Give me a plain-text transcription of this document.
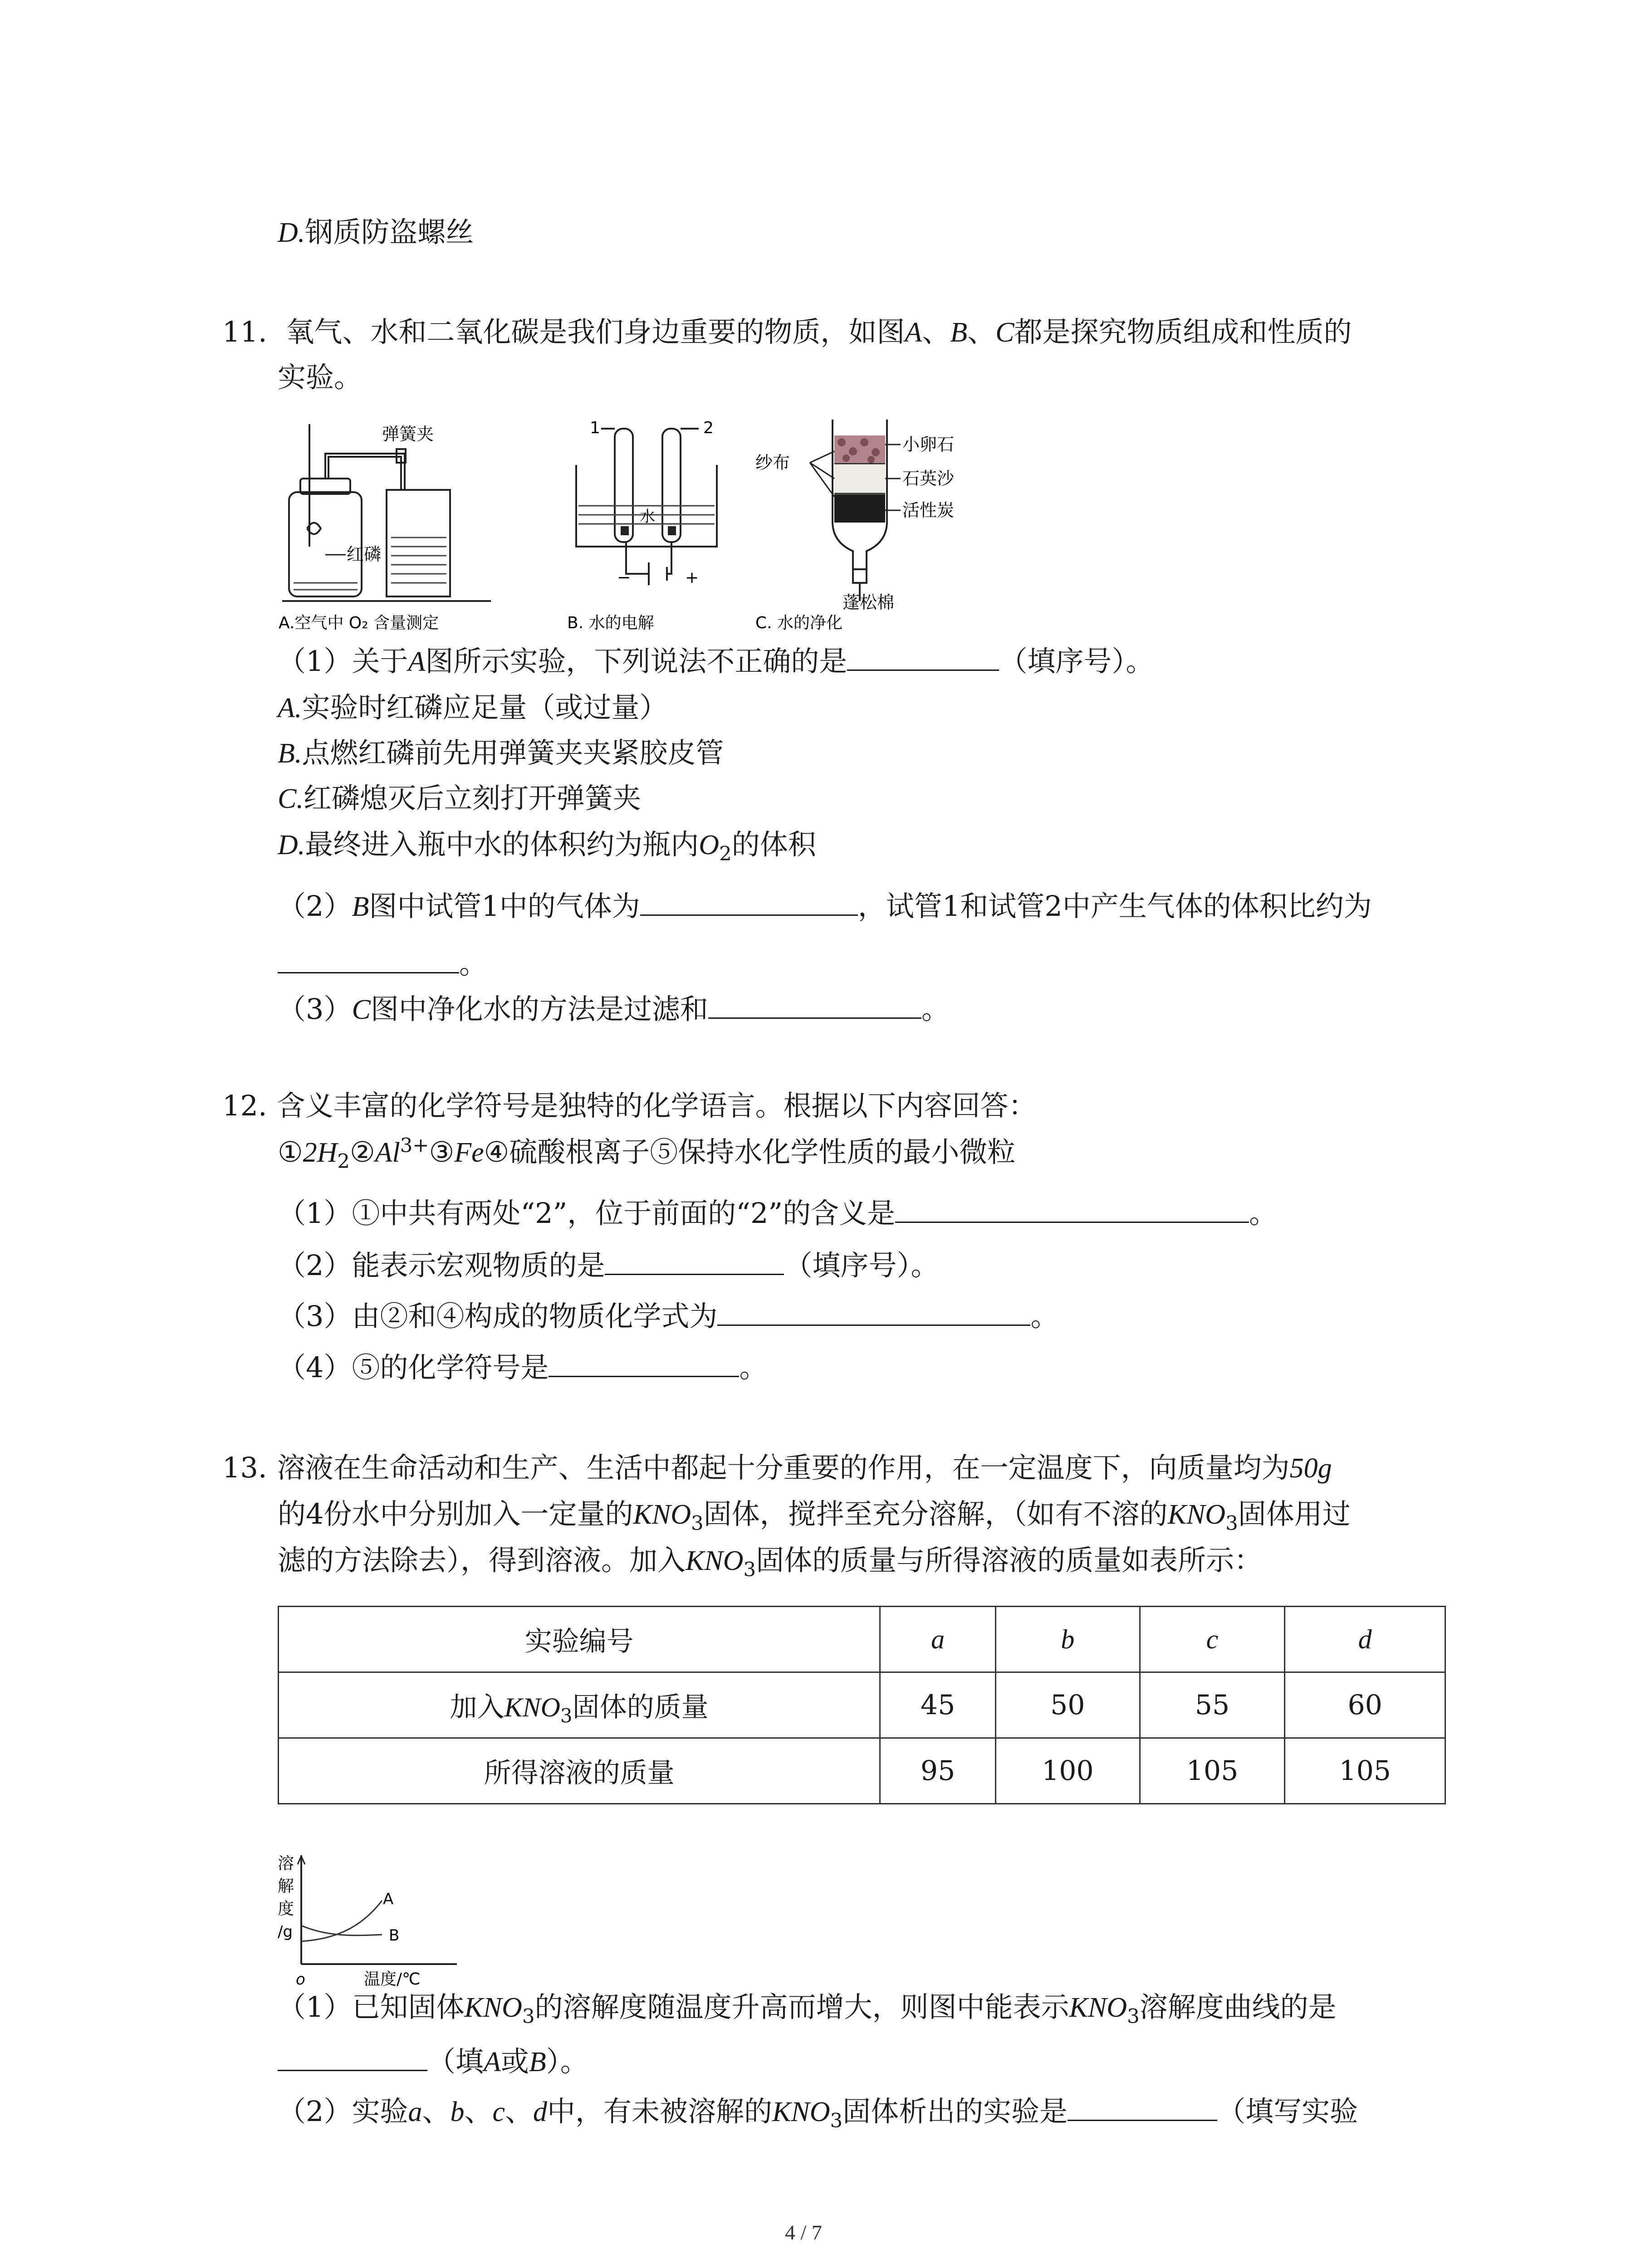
D.钢质防盗螺丝
11. 氧气、水和二氧化碳是我们身边重要的物质，如图A、B、C都是探究物质组成和性质的
实验。
弹簧夹
红磷
A.空气中 O₂ 含量测定
1	2
水
−	+
B. 水的电解
小卵石
石英沙
活性炭
纱布
蓬松棉
C. 水的净化
（1）关于A图所示实验，下列说法不正确的是	（填序号）。
A.实验时红磷应足量（或过量）
B.点燃红磷前先用弹簧夹夹紧胶皮管
C.红磷熄灭后立刻打开弹簧夹
D.最终进入瓶中水的体积约为瓶内$O_2$的体积
（2）B图中试管1中的气体为	，试管1和试管2中产生气体的体积比约为
。
（3）C图中净化水的方法是过滤和	。
12. 含义丰富的化学符号是独特的化学语言。根据以下内容回答：
$①2H_2②Al^{3+}③Fe④$硫酸根离子⑤保持水化学性质的最小微粒
（1）①中共有两处“2”，位于前面的“2”的含义是	。
（2）能表示宏观物质的是	（填序号）。
（3）由②和④构成的物质化学式为	。
（4）⑤的化学符号是	。
13. 溶液在生命活动和生产、生活中都起十分重要的作用，在一定温度下，向质量均为50g
的4份水中分别加入一定量的$KNO_3$固体，搅拌至充分溶解，（如有不溶的$KNO_3$固体用过
滤的方法除去），得到溶液。加入$KNO_3$固体的质量与所得溶液的质量如表所示：
实验编号	a	b	c	d
加入$KNO_3$固体的质量	45	50	55	60
所得溶液的质量	95	100	105	105
溶
解
度
/g
A
B
o	温度/℃
（1）已知固体$KNO_3$的溶解度随温度升高而增大，则图中能表示$KNO_3$溶解度曲线的是
（填A或B）。
（2）实验a、b、c、d中，有未被溶解的$KNO_3$固体析出的实验是	（填写实验
4 / 7
